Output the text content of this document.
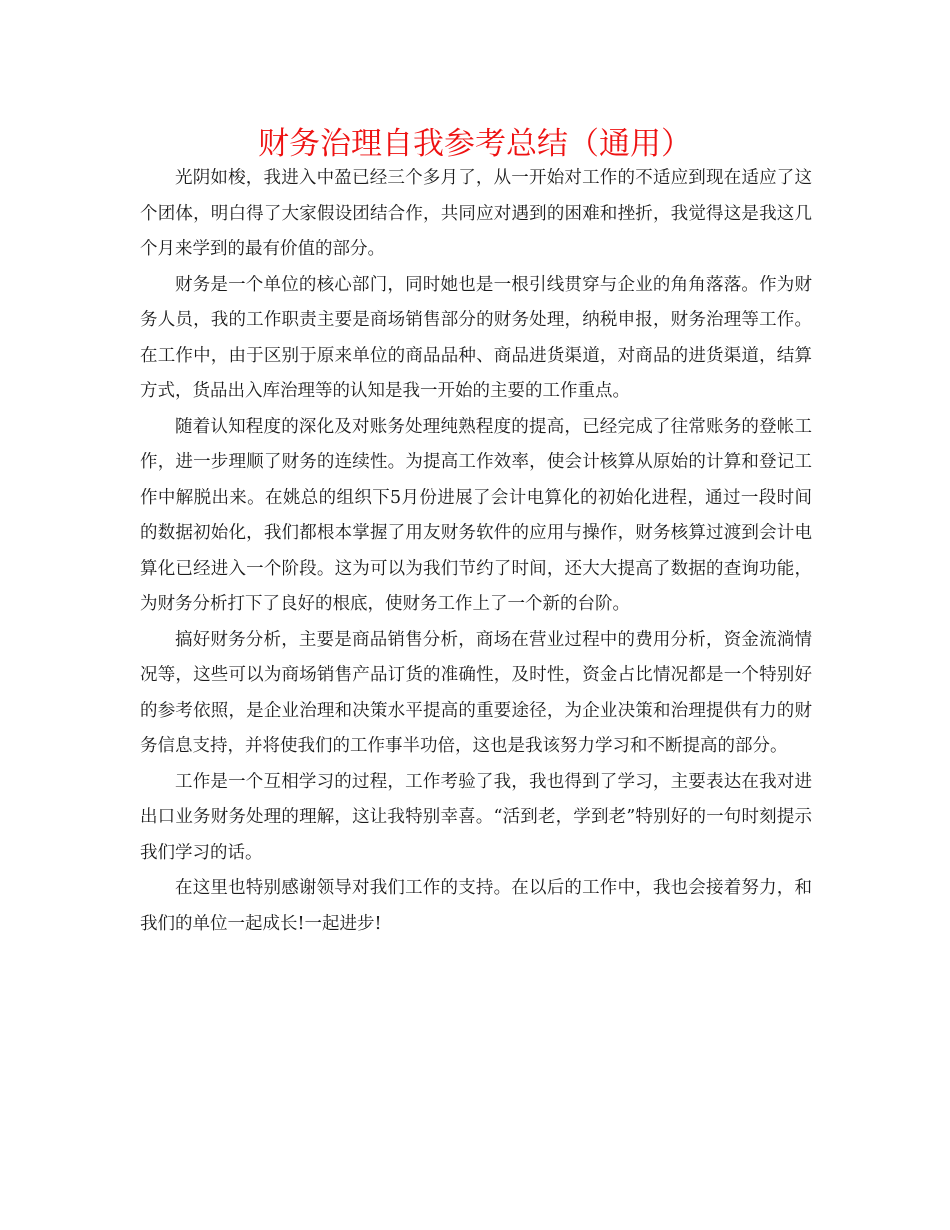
财务治理自我参考总结（通用）

光阴如梭，我进入中盈已经三个多月了，从一开始对工作的不适应到现在适应了这个团体，明白得了大家假设团结合作，共同应对遇到的困难和挫折，我觉得这是我这几个月来学到的最有价值的部分。

财务是一个单位的核心部门，同时她也是一根引线贯穿与企业的角角落落。作为财务人员，我的工作职责主要是商场销售部分的财务处理，纳税申报，财务治理等工作。在工作中，由于区别于原来单位的商品品种、商品进货渠道，对商品的进货渠道，结算方式，货品出入库治理等的认知是我一开始的主要的工作重点。

随着认知程度的深化及对账务处理纯熟程度的提高，已经完成了往常账务的登帐工作，进一步理顺了财务的连续性。为提高工作效率，使会计核算从原始的计算和登记工作中解脱出来。在姚总的组织下5月份进展了会计电算化的初始化进程，通过一段时间的数据初始化，我们都根本掌握了用友财务软件的应用与操作，财务核算过渡到会计电算化已经进入一个阶段。这为可以为我们节约了时间，还大大提高了数据的查询功能，为财务分析打下了良好的根底，使财务工作上了一个新的台阶。

搞好财务分析，主要是商品销售分析，商场在营业过程中的费用分析，资金流淌情况等，这些可以为商场销售产品订货的准确性，及时性，资金占比情况都是一个特别好的参考依照，是企业治理和决策水平提高的重要途径，为企业决策和治理提供有力的财务信息支持，并将使我们的工作事半功倍，这也是我该努力学习和不断提高的部分。

工作是一个互相学习的过程，工作考验了我，我也得到了学习，主要表达在我对进出口业务财务处理的理解，这让我特别幸喜。“活到老，学到老”特别好的一句时刻提示我们学习的话。

在这里也特别感谢领导对我们工作的支持。在以后的工作中，我也会接着努力，和我们的单位一起成长!一起进步!
